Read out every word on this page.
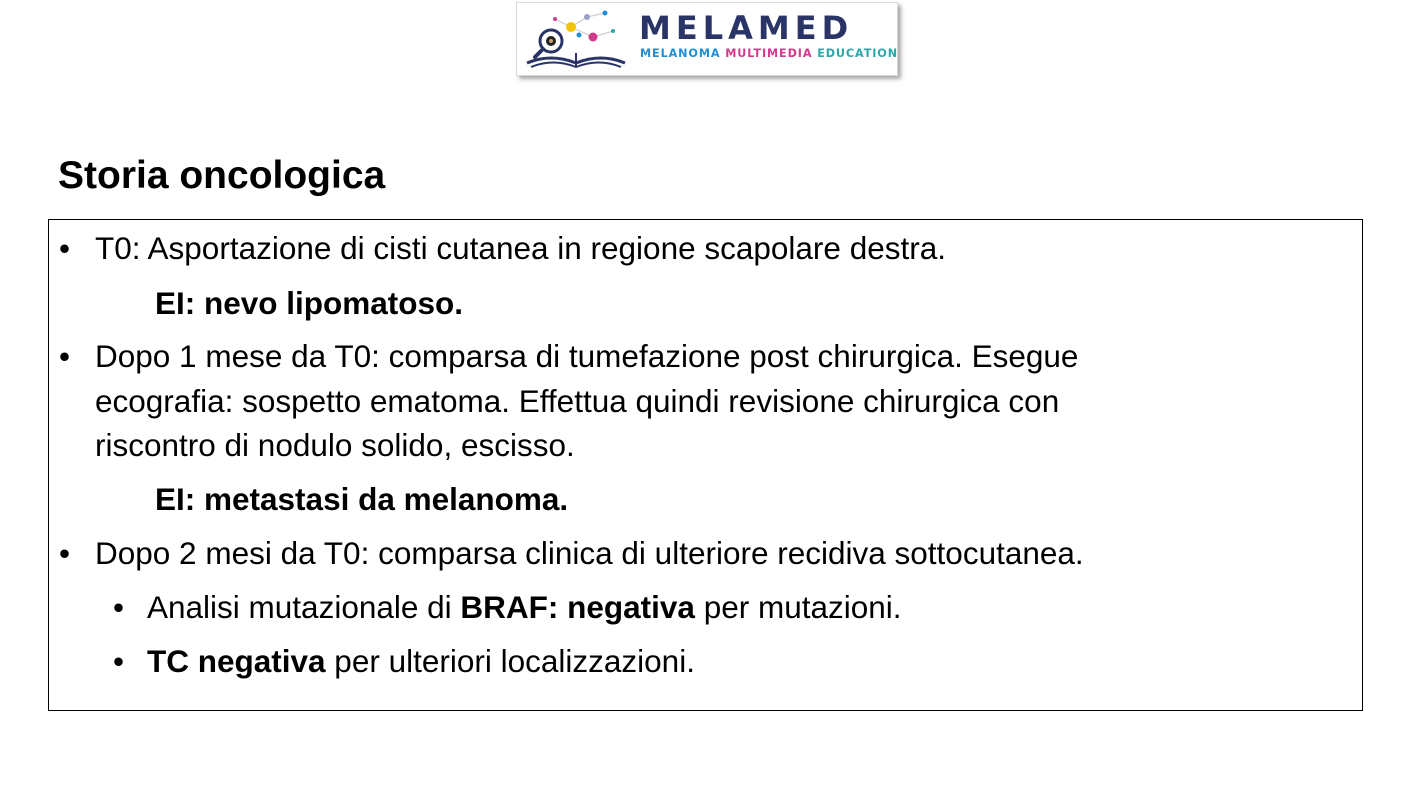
MELAMED
MELANOMA MULTIMEDIA EDUCATION
Storia oncologica
• T0: Asportazione di cisti cutanea in regione scapolare destra.
EI: nevo lipomatoso.
• Dopo 1 mese da T0: comparsa di tumefazione post chirurgica. Esegue
ecografia: sospetto ematoma. Effettua quindi revisione chirurgica con
riscontro di nodulo solido, escisso.
EI: metastasi da melanoma.
• Dopo 2 mesi da T0: comparsa clinica di ulteriore recidiva sottocutanea.
• Analisi mutazionale di BRAF: negativa per mutazioni.
• TC negativa per ulteriori localizzazioni.
